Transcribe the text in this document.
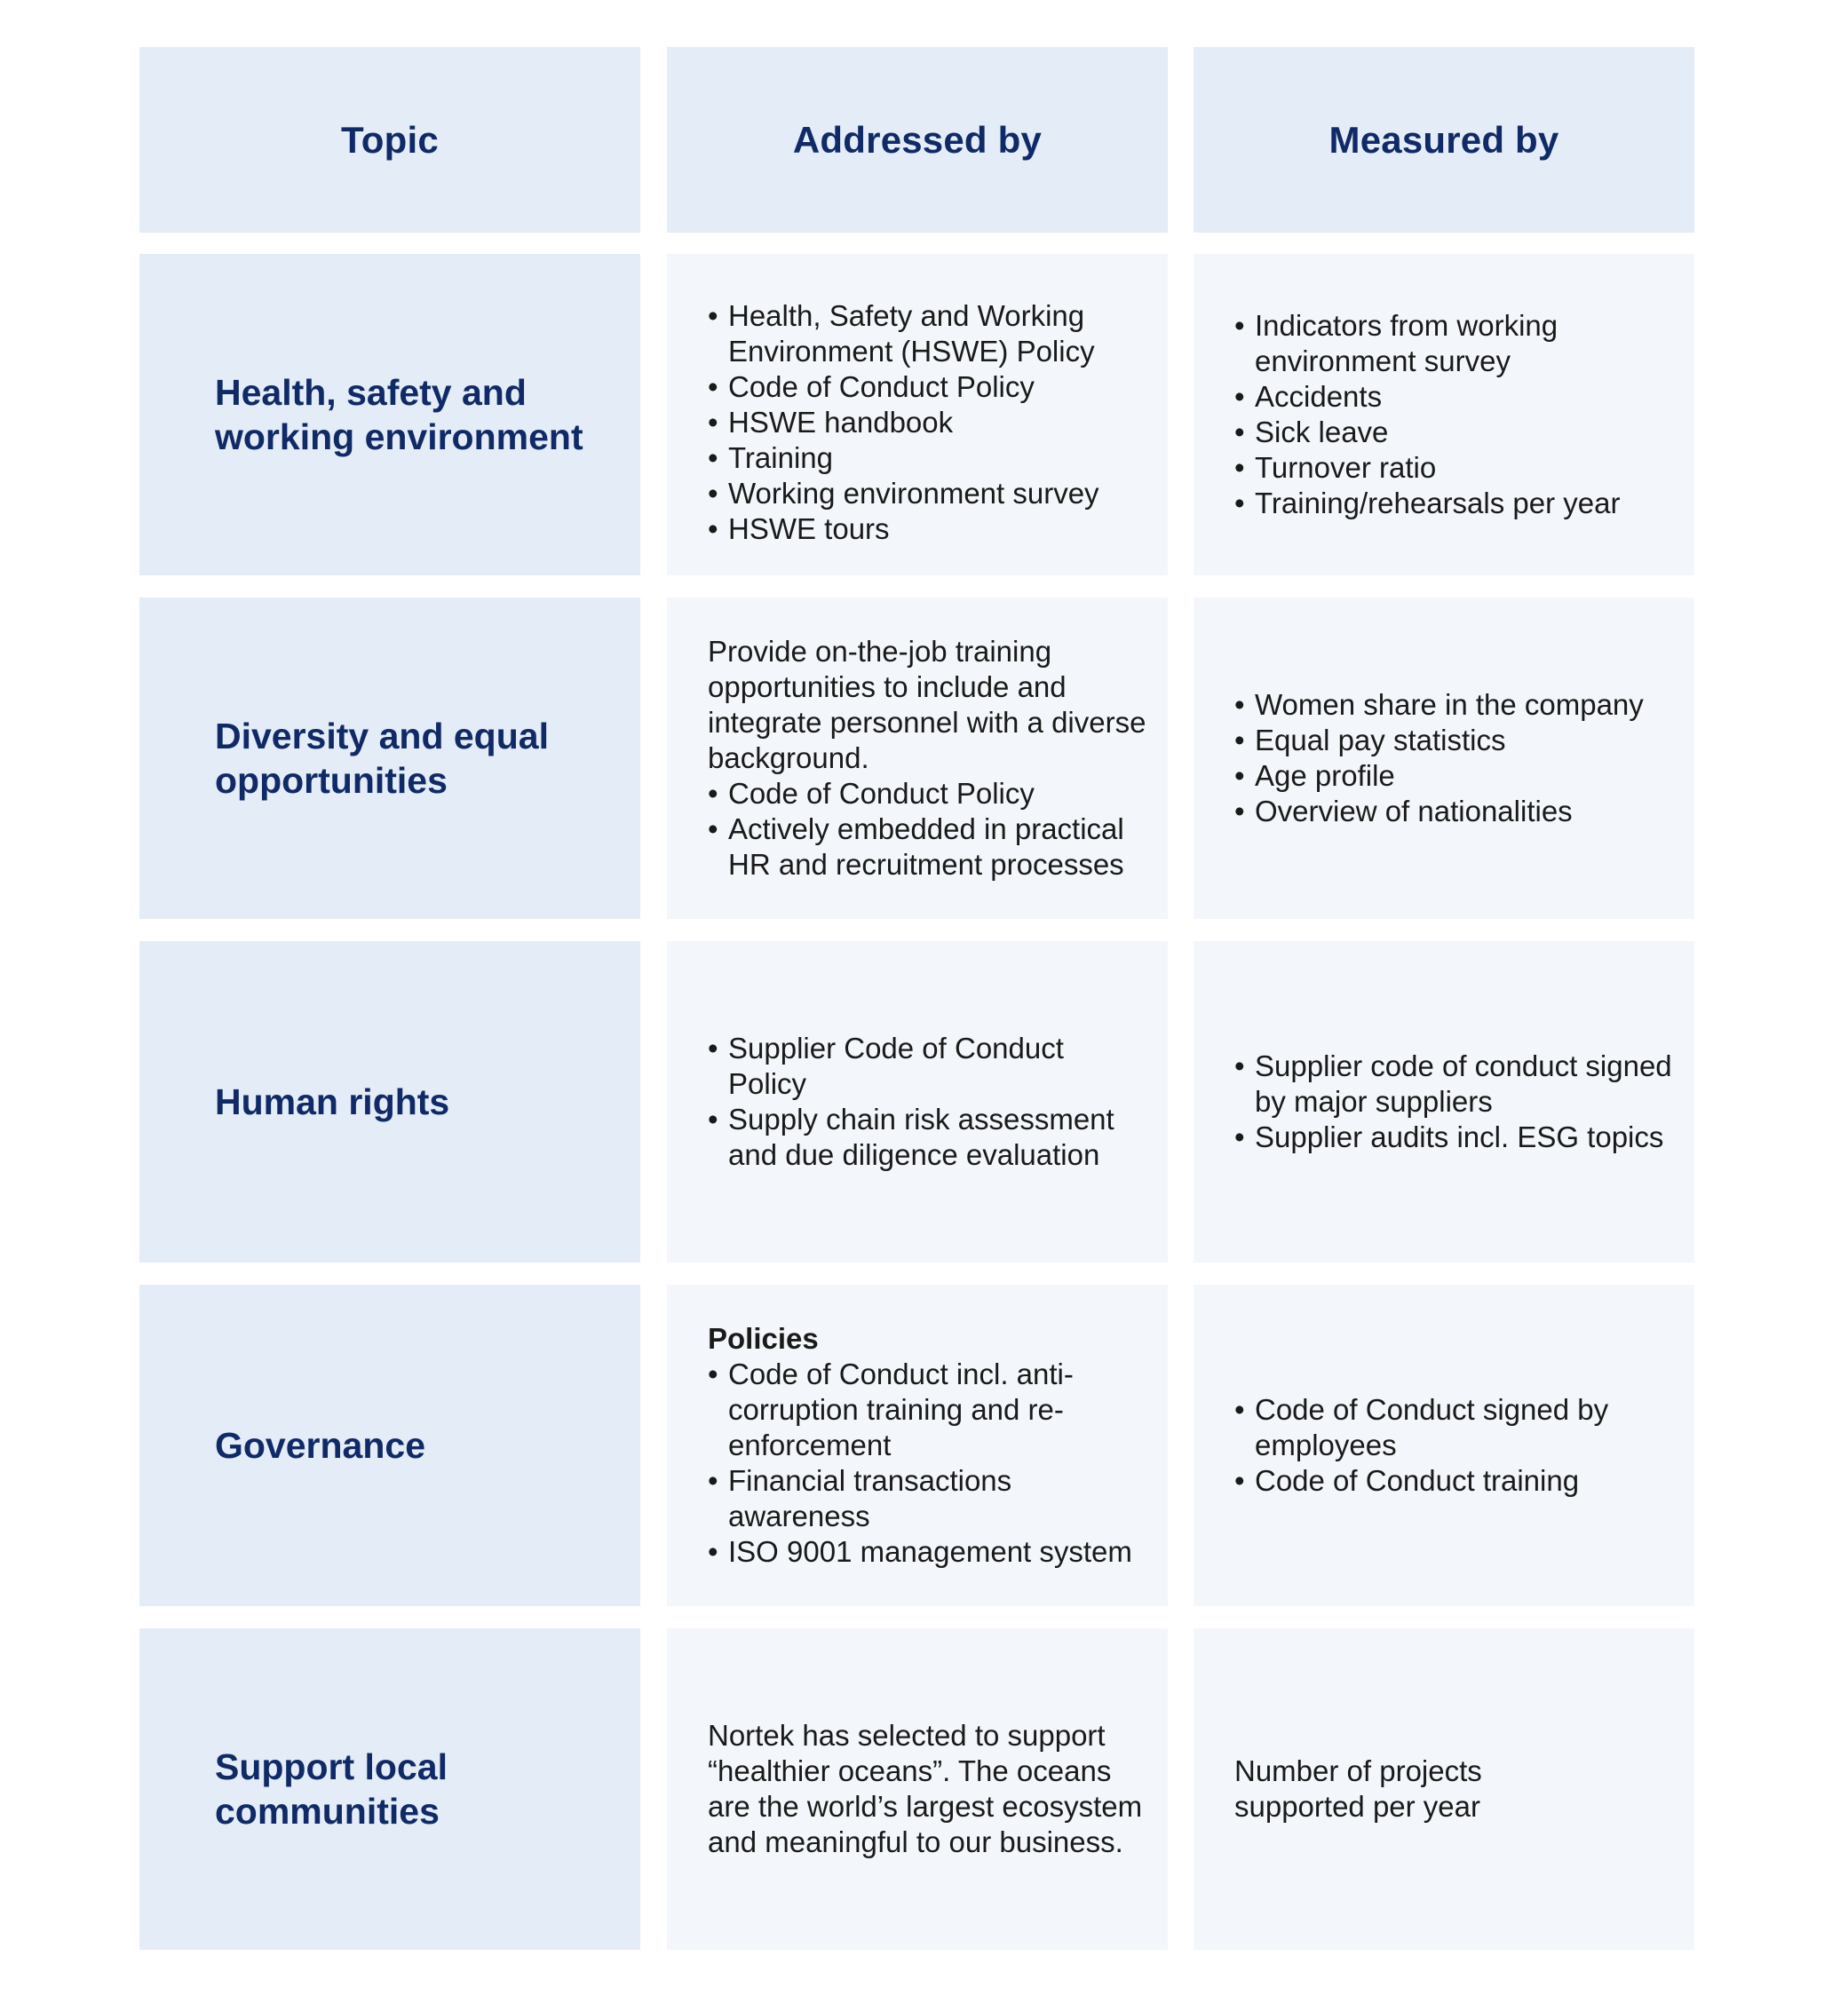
Topic	Addressed by	Measured by
Health, safety and working environment
• Health, Safety and Working Environment (HSWE) Policy
• Code of Conduct Policy
• HSWE handbook
• Training
• Working environment survey
• HSWE tours
• Indicators from working environment survey
• Accidents
• Sick leave
• Turnover ratio
• Training/rehearsals per year
Diversity and equal opportunities

Provide on-the-job training opportunities to include and integrate personnel with a diverse background.

• Code of Conduct Policy
• Actively embedded in practical HR and recruitment processes
• Women share in the company
• Equal pay statistics
• Age profile
• Overview of nationalities
Human rights
• Supplier Code of Conduct Policy
• Supply chain risk assessment and due diligence evaluation
• Supplier code of conduct signed by major suppliers
• Supplier audits incl. ESG topics
Governance

Policies

• Code of Conduct incl. anti-corruption training and re-enforcement
• Financial transactions awareness
• ISO 9001 management system
• Code of Conduct signed by employees
• Code of Conduct training
Support local communities

Nortek has selected to support “healthier oceans”. The oceans are the world’s largest ecosystem and meaningful to our business.

Number of projects supported per year
